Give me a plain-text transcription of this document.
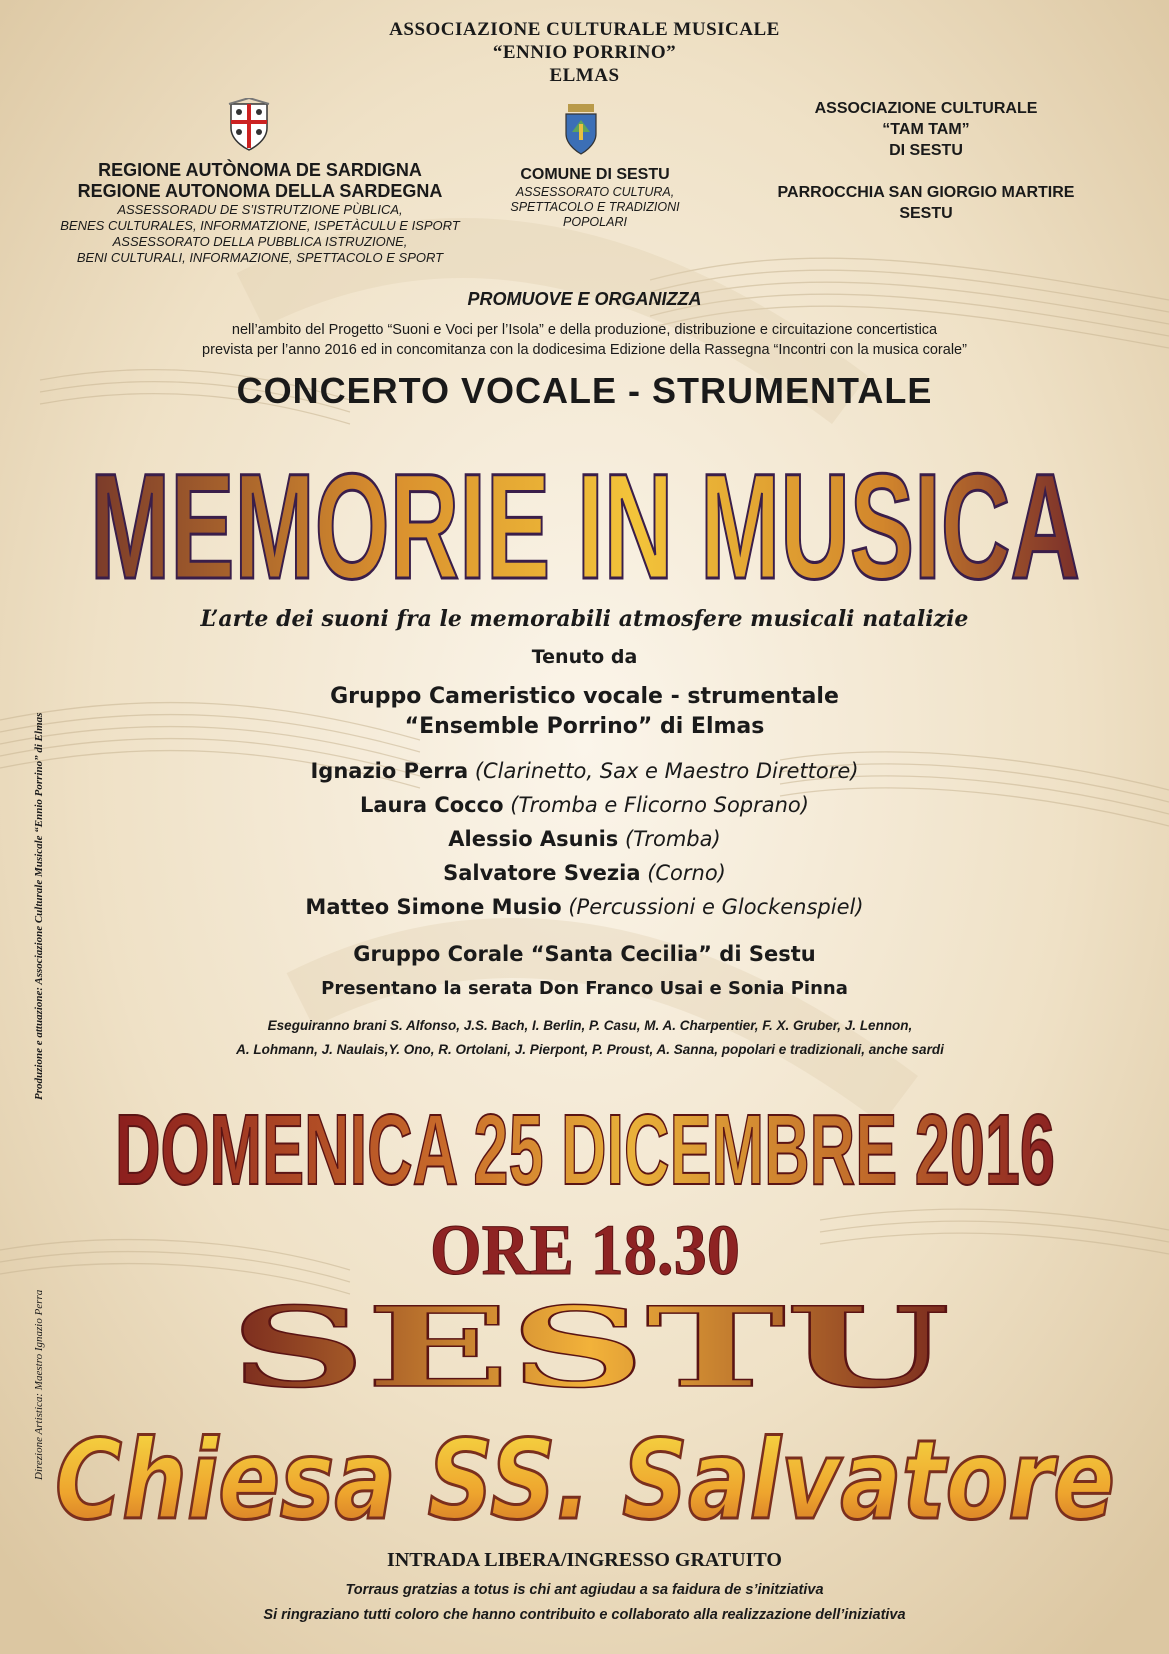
ASSOCIAZIONE CULTURALE MUSICALE
“ENNIO PORRINO”
ELMAS
REGIONE AUTÒNOMA DE SARDIGNA
REGIONE AUTONOMA DELLA SARDEGNA
ASSESSORADU DE S’ISTRUTZIONE PÙBLICA,
BENES CULTURALES, INFORMATZIONE, ISPETÀCULU E ISPORT
ASSESSORATO DELLA PUBBLICA ISTRUZIONE,
BENI CULTURALI, INFORMAZIONE, SPETTACOLO E SPORT
COMUNE DI SESTU
ASSESSORATO CULTURA,
SPETTACOLO E TRADIZIONI
POPOLARI
ASSOCIAZIONE CULTURALE
“TAM TAM”
DI SESTU
PARROCCHIA SAN GIORGIO MARTIRE
SESTU
PROMUOVE E ORGANIZZA
nell’ambito del Progetto “Suoni e Voci per l’Isola” e della produzione, distribuzione e circuitazione concertistica
prevista per l’anno 2016 ed in concomitanza con la dodicesima Edizione della Rassegna “Incontri con la musica corale”
CONCERTO VOCALE - STRUMENTALE
MEMORIE IN MUSICA
L’arte dei suoni fra le memorabili atmosfere musicali natalizie
Tenuto da
Gruppo Cameristico vocale - strumentale
“Ensemble Porrino” di Elmas
Ignazio Perra (Clarinetto, Sax e Maestro Direttore)
Laura Cocco (Tromba e Flicorno Soprano)
Alessio Asunis (Tromba)
Salvatore Svezia (Corno)
Matteo Simone Musio (Percussioni e Glockenspiel)
Gruppo Corale “Santa Cecilia” di Sestu
Presentano la serata Don Franco Usai e Sonia Pinna
Eseguiranno brani S. Alfonso, J.S. Bach, I. Berlin, P. Casu, M. A. Charpentier, F. X. Gruber, J. Lennon,
A. Lohmann, J. Naulais,Y. Ono, R. Ortolani, J. Pierpont, P. Proust, A. Sanna, popolari e tradizionali, anche sardi
DOMENICA 25 DICEMBRE 2016
ORE 18.30
SESTU
Chiesa SS. Salvatore
INTRADA LIBERA/INGRESSO GRATUITO
Torraus gratzias a totus is chi ant agiudau a sa faidura de s’initziativa
Si ringraziano tutti coloro che hanno contribuito e collaborato alla realizzazione dell’iniziativa
Produzione e attuazione: Associazione Culturale Musicale “Ennio Porrino” di Elmas
Direzione Artistica: Maestro Ignazio Perra
